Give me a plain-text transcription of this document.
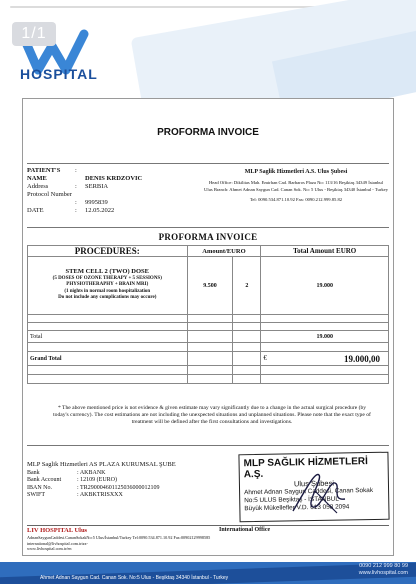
HOSPITAL
1/1
PROFORMA INVOICE
PATIENT'S NAME
:
DENIS KRDZOVIC
Address	:	SERBIA
Protocol Number
:	9995839
DATE	:	12.05.2022
MLP Saglik Hizmetleri A.S. Ulus Şubesi
Head Office: Dikilitas Mah. Emirhan Cad. Barbaros Plaza No: 113/16 Beşiktaş 34349 İstanbul
Ulus Branch: Ahmet Adnan Saygun Cad. Canan Sok. No: 5 Ulus - Beşiktaş 34340 İstanbul - Turkey
Tel: 0090.534.871.10.92 Fax: 0090.212.999.85.82
PROFORMA INVOICE
PROCEDURES:	Amount/EURO		Total Amount EURO

STEM CELL 2 (TWO) DOSE
(5 DOSES OF OZONE THERAPY + 5 SESSIONS)
PHYSIOTHERAPHY + BRAIN MRI)
(1 nights in normal room hospitalization
Do not include any complications may occure)	9.500	2	19.000

Total			19.000

Grand Total			€ 19.000,00

* The above mentioned price is not evidence & given estimate may vary significantly due to a change in the actual surgical procedure (by today's currency). The cost estimations are not including the unexpected situations and unplanned situations. Please note that the exact type of treatment will be defined after the first consultations and investigations.
MLP Saglik Hizmetleri AS PLAZA KURUMSAL ŞUBE
Bank	: AKBANK
Bank Account	: 12109 (EURO)
IBAN No.	: TR290004601125036000012109
SWIFT	: AKBKTRISXXX
MLP SAĞLIK HİZMETLERİ A.Ş.
Ulus Şubesi
Ahmet Adnan Saygun Caddesi, Canan Sokak
No:5 ULUS Beşiktaş - İSTANBUL
Büyük Mükellefler V.D. 613 058 2094
LIV HOSPITAL Ulus
AdnanSaygunCaddesi.CananSokakNo:5 Ulus/İstanbul/Turkey Tel:0090.534.871.10.92 Fax:00902129998585 international@livhospital.com.trizz-
www.livhospital.com.tr/en
International Office
Ahmet Adnan Saygun Cad. Canan Sok. No:5 Ulus - Beşiktaş 34340 İstanbul - Turkey
0090 212 999 80 99
www.livhospital.com
